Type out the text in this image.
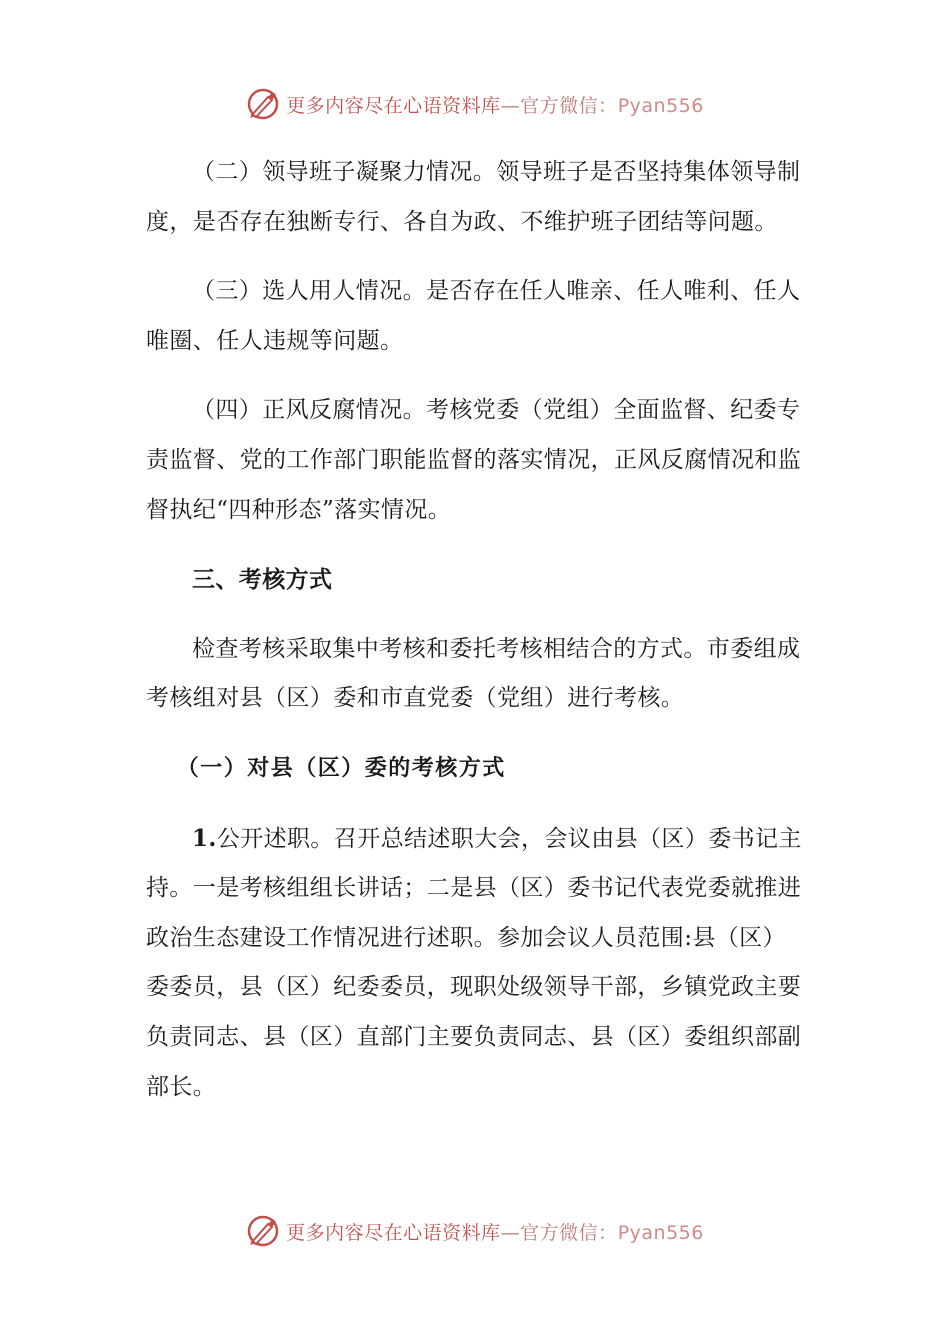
更多内容尽在心语资料库—官方微信：Pyan556

（二）领导班子凝聚力情况。领导班子是否坚持集体领导制度，是否存在独断专行、各自为政、不维护班子团结等问题。

（三）选人用人情况。是否存在任人唯亲、任人唯利、任人唯圈、任人违规等问题。

（四）正风反腐情况。考核党委（党组）全面监督、纪委专责监督、党的工作部门职能监督的落实情况，正风反腐情况和监督执纪“四种形态”落实情况。

三、考核方式

检查考核采取集中考核和委托考核相结合的方式。市委组成考核组对县（区）委和市直党委（党组）进行考核。

（一）对县（区）委的考核方式

1.公开述职。召开总结述职大会，会议由县（区）委书记主持。一是考核组组长讲话；二是县（区）委书记代表党委就推进政治生态建设工作情况进行述职。参加会议人员范围:县（区）委委员，县（区）纪委委员，现职处级领导干部，乡镇党政主要负责同志、县（区）直部门主要负责同志、县（区）委组织部副部长。

更多内容尽在心语资料库—官方微信：Pyan556
